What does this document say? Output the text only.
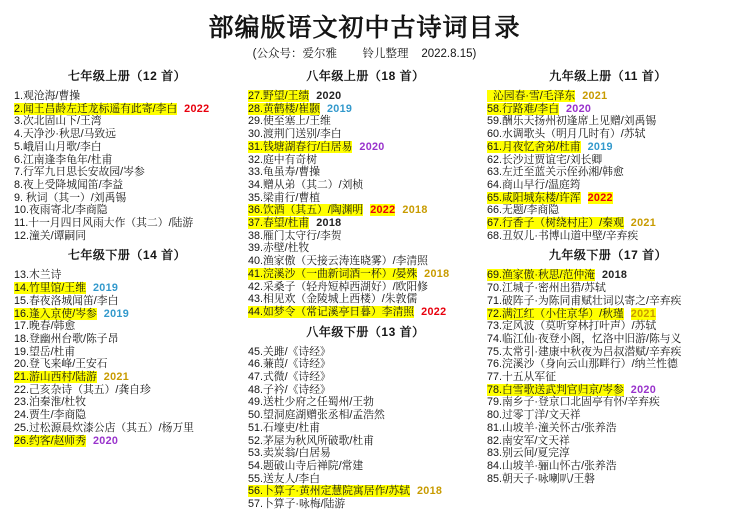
部编版语文初中古诗词目录
(公众号：爱尔雅        铃儿整理    2022.8.15)
七年级上册（12 首）
1.观沧海/曹操
2.闻王昌龄左迁龙标遥有此寄/李白 2022
3.次北固山下/王湾
4.天净沙·秋思/马致远
5.峨眉山月歌/李白
6.江南逢李龟年/杜甫
7.行军九日思长安故园/岑参
8.夜上受降城闻笛/李益
9. 秋词（其一）/刘禹锡
10.夜雨寄北/李商隐
11.十一月四日风雨大作（其二）/陆游
12.潼关/谭嗣同
七年级下册（14 首）
13.木兰诗
14.竹里馆/王维 2019
15.春夜洛城闻笛/李白
16.逢入京使/岑参 2019
17.晚春/韩愈
18.登幽州台歌/陈子昂
19.望岳/杜甫
20.登飞来峰/王安石
21.游山西村/陆游 2021
22.己亥杂诗（其五）/龚自珍
23.泊秦淮/杜牧
24.贾生/李商隐
25.过松源晨炊漆公店（其五）/杨万里
26.约客/赵师秀 2020
八年级上册（18 首）
27.野望/王绩 2020
28.黄鹤楼/崔颢 2019
29.使至塞上/王维
30.渡荆门送别/李白
31.钱塘湖春行/白居易 2020
32.庭中有奇树
33.龟虽寿/曹操
34.赠从弟（其二）/刘桢
35.梁甫行/曹植
36.饮酒（其五）/陶渊明 2022 2018
37.春望/杜甫 2018
38.雁门太守行/李贺
39.赤壁/杜牧
40.渔家傲（天接云涛连晓雾）/李清照
41.浣溪沙（一曲新词酒一杯）/晏殊 2018
42.采桑子（轻舟短棹西湖好）/欧阳修
43.相见欢（金陵城上西楼）/朱敦儒
44.如梦令（常记溪亭日暮）李清照 2022
八年级下册（13 首）
45.关雎/《诗经》
46.蒹葭/《诗经》
47.式微/《诗经》
48.子衿/《诗经》
49.送杜少府之任蜀州/王勃
50.望洞庭湖赠张丞相/孟浩然
51.石壕吏/杜甫
52.茅屋为秋风所破歌/杜甫
53.卖炭翁/白居易
54.题破山寺后禅院/常建
55.送友人/李白
56.卜算子·黄州定慧院寓居作/苏轼 2018
57.卜算子·咏梅/陆游
九年级上册（11 首）
沁园春·雪/毛泽东 2021
58.行路难/李白 2020
59.酬乐天扬州初逢席上见赠/刘禹锡
60.水调歌头（明月几时有）/苏轼
61.月夜忆舍弟/杜甫 2019
62.长沙过贾谊宅/刘长卿
63.左迁至蓝关示侄孙湘/韩愈
64.商山早行/温庭筠
65.咸阳城东楼/许浑 2022
66.无题/李商隐
67.行香子（树绕村庄）/秦观 2021
68.丑奴儿·书博山道中壁/辛弃疾
九年级下册（17 首）
69.渔家傲·秋思/范仲淹 2018
70.江城子·密州出猎/苏轼
71.破阵子·为陈同甫赋壮词以寄之/辛弃疾
72.满江红（小住京华）/秋瑾 2021
73.定风波（莫听穿林打叶声）/苏轼
74.临江仙·夜登小阁，忆洛中旧游/陈与义
75.太常引·建康中秋夜为吕叔潜赋/辛弃疾
76.浣溪沙（身向云山那畔行）/纳兰性德
77.十五从军征
78.白雪歌送武判官归京/岑参 2020
79.南乡子·登京口北固亭有怀/辛弃疾
80.过零丁洋/文天祥
81.山坡羊·潼关怀古/张养浩
82.南安军/文天祥
83.别云间/夏完淳
84.山坡羊·骊山怀古/张养浩
85.朝天子·咏喇叭/王磐
